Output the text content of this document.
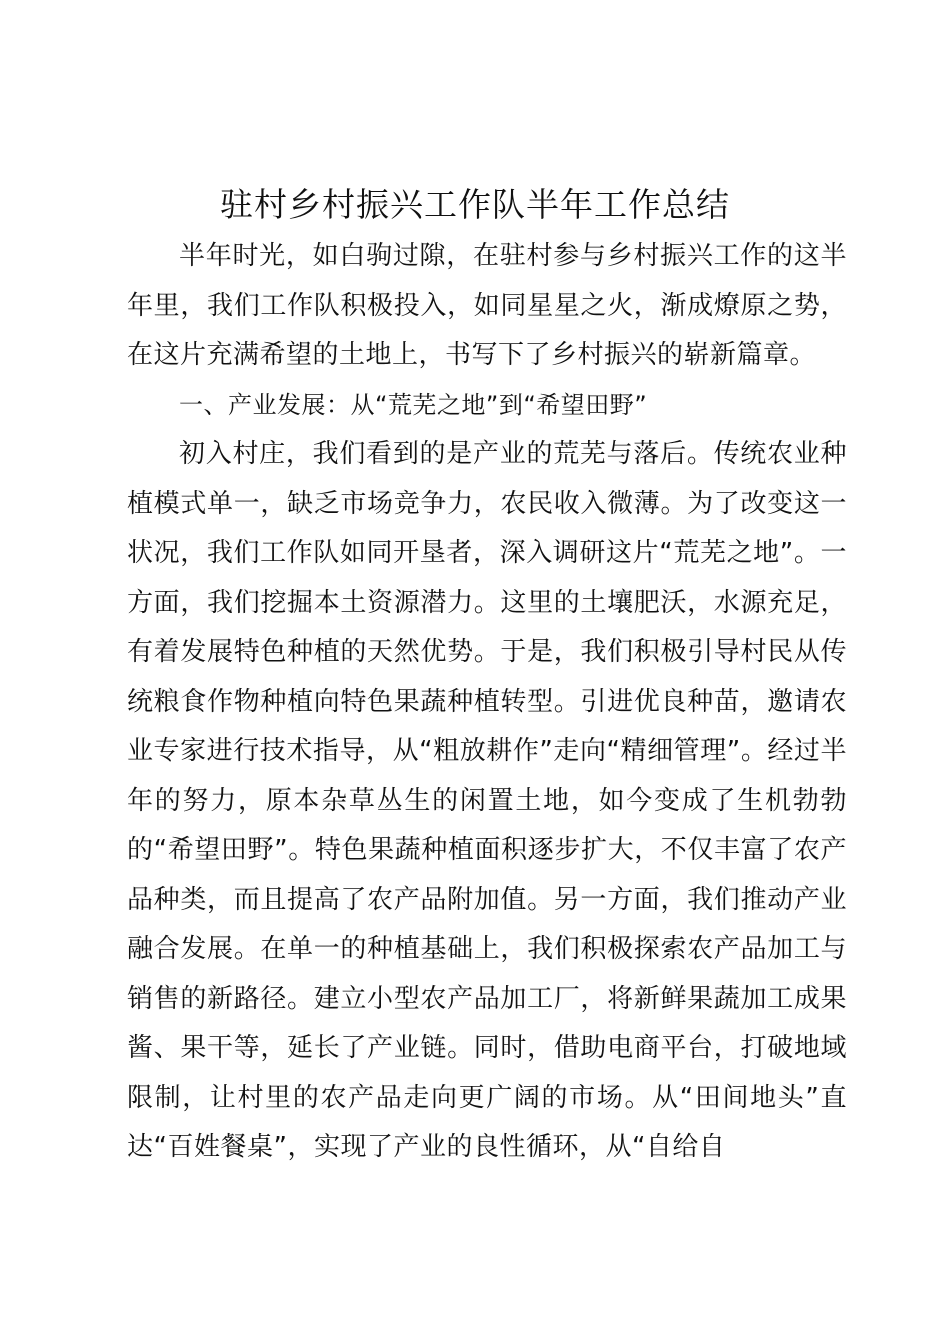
驻村乡村振兴工作队半年工作总结

半年时光，如白驹过隙，在驻村参与乡村振兴工作的这半年里，我们工作队积极投入，如同星星之火，渐成燎原之势，在这片充满希望的土地上，书写下了乡村振兴的崭新篇章。

一、产业发展：从“荒芜之地”到“希望田野”

初入村庄，我们看到的是产业的荒芜与落后。传统农业种植模式单一，缺乏市场竞争力，农民收入微薄。为了改变这一状况，我们工作队如同开垦者，深入调研这片“荒芜之地”。一方面，我们挖掘本土资源潜力。这里的土壤肥沃，水源充足，有着发展特色种植的天然优势。于是，我们积极引导村民从传统粮食作物种植向特色果蔬种植转型。引进优良种苗，邀请农业专家进行技术指导，从“粗放耕作”走向“精细管理”。经过半年的努力，原本杂草丛生的闲置土地，如今变成了生机勃勃的“希望田野”。特色果蔬种植面积逐步扩大，不仅丰富了农产品种类，而且提高了农产品附加值。另一方面，我们推动产业融合发展。在单一的种植基础上，我们积极探索农产品加工与销售的新路径。建立小型农产品加工厂，将新鲜果蔬加工成果酱、果干等，延长了产业链。同时，借助电商平台，打破地域限制，让村里的农产品走向更广阔的市场。从“田间地头”直达“百姓餐桌”，实现了产业的良性循环，从“自给自
